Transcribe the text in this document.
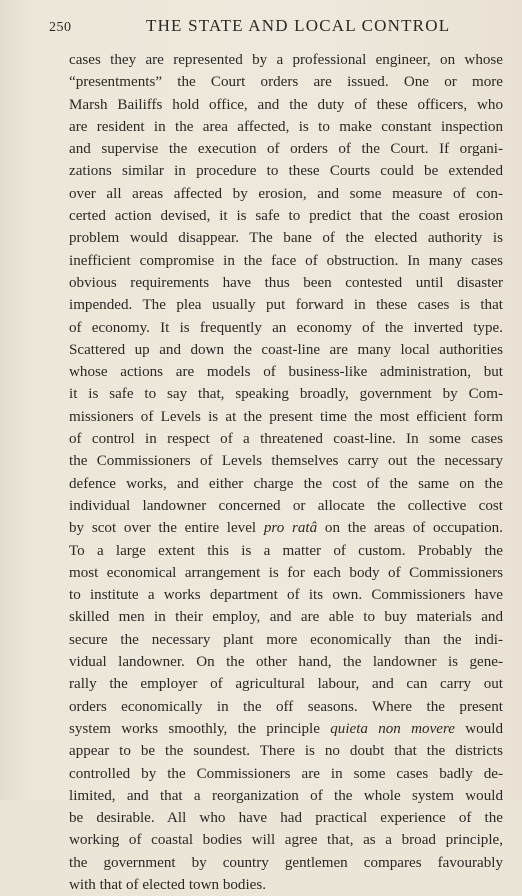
250	THE STATE AND LOCAL CONTROL
cases they are represented by a professional engineer, on whose
“presentments” the Court orders are issued. One or more
Marsh Bailiffs hold office, and the duty of these officers, who
are resident in the area affected, is to make constant inspection
and supervise the execution of orders of the Court. If organi-
zations similar in procedure to these Courts could be extended
over all areas affected by erosion, and some measure of con-
certed action devised, it is safe to predict that the coast erosion
problem would disappear. The bane of the elected authority is
inefficient compromise in the face of obstruction. In many cases
obvious requirements have thus been contested until disaster
impended. The plea usually put forward in these cases is that
of economy. It is frequently an economy of the inverted type.
Scattered up and down the coast-line are many local authorities
whose actions are models of business-like administration, but
it is safe to say that, speaking broadly, government by Com-
missioners of Levels is at the present time the most efficient form
of control in respect of a threatened coast-line. In some cases
the Commissioners of Levels themselves carry out the necessary
defence works, and either charge the cost of the same on the
individual landowner concerned or allocate the collective cost
by scot over the entire level pro ratâ on the areas of occupation.
To a large extent this is a matter of custom. Probably the
most economical arrangement is for each body of Commissioners
to institute a works department of its own. Commissioners have
skilled men in their employ, and are able to buy materials and
secure the necessary plant more economically than the indi-
vidual landowner. On the other hand, the landowner is gene-
rally the employer of agricultural labour, and can carry out
orders economically in the off seasons. Where the present
system works smoothly, the principle quieta non movere would
appear to be the soundest. There is no doubt that the districts
controlled by the Commissioners are in some cases badly de-
limited, and that a reorganization of the whole system would
be desirable. All who have had practical experience of the
working of coastal bodies will agree that, as a broad principle,
the government by country gentlemen compares favourably
with that of elected town bodies.
